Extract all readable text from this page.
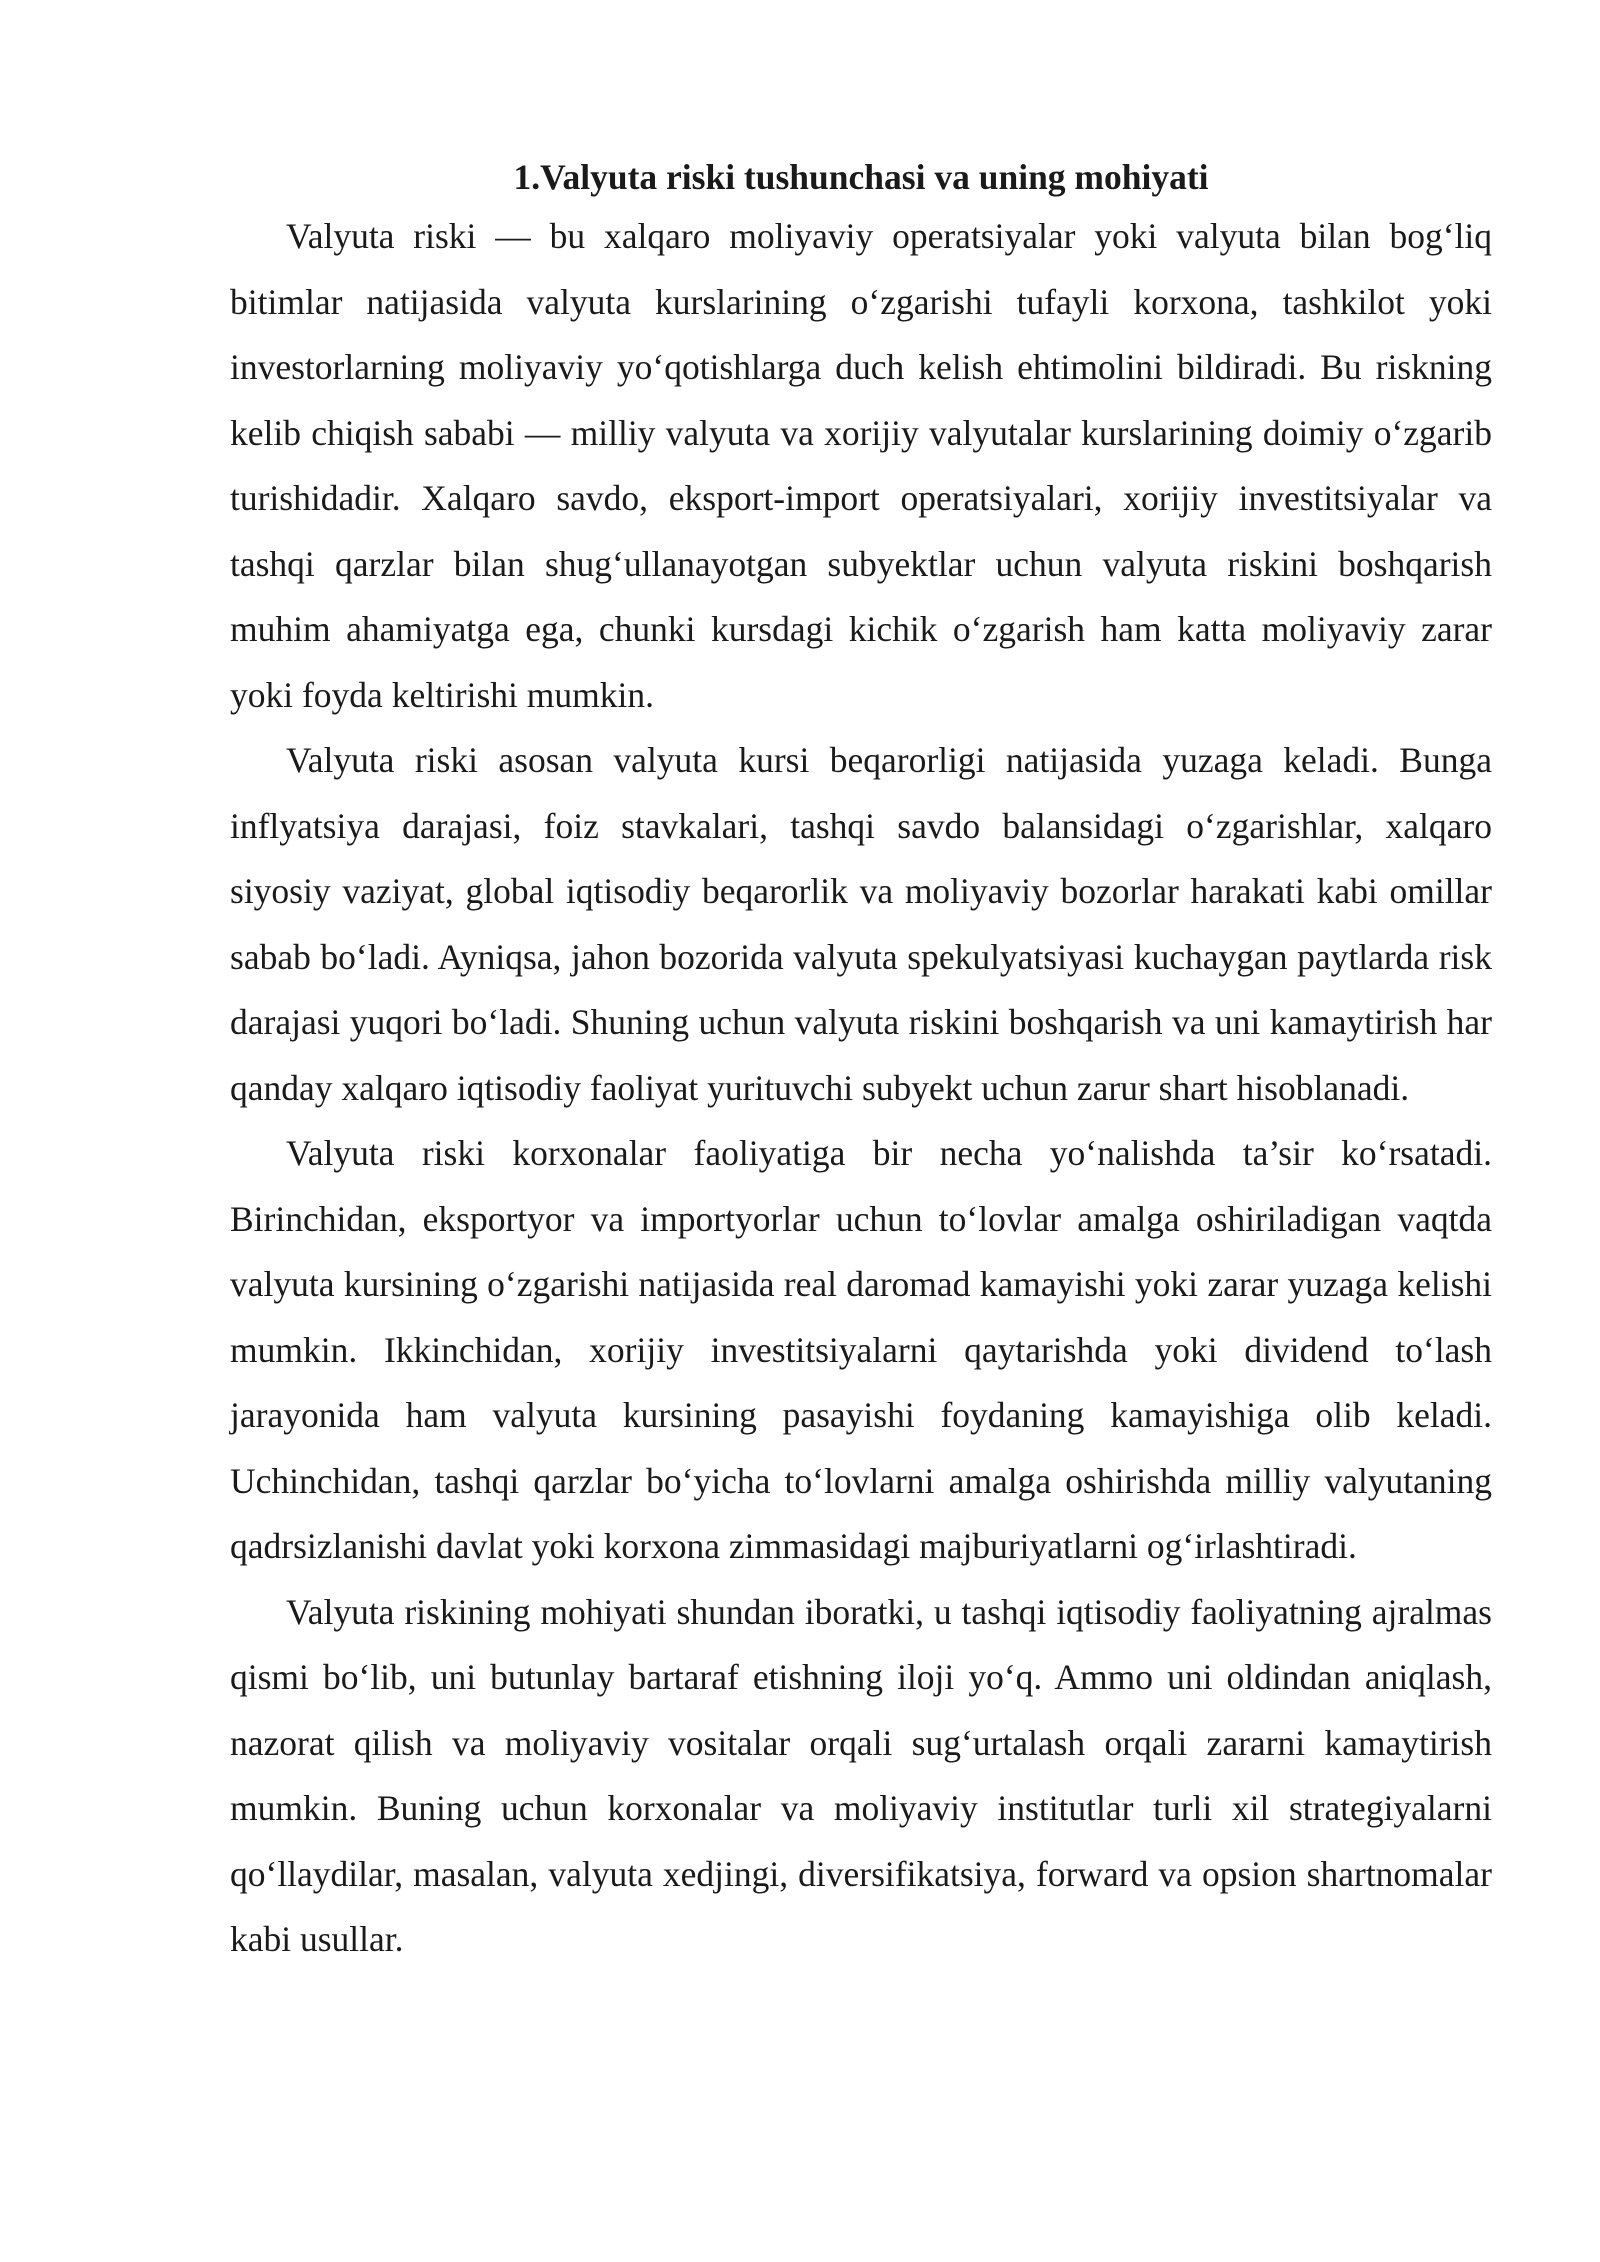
1.Valyuta riski tushunchasi va uning mohiyati

Valyuta riski — bu xalqaro moliyaviy operatsiyalar yoki valyuta bilan bog‘liq bitimlar natijasida valyuta kurslarining o‘zgarishi tufayli korxona, tashkilot yoki investorlarning moliyaviy yo‘qotishlarga duch kelish ehtimolini bildiradi. Bu riskning kelib chiqish sababi — milliy valyuta va xorijiy valyutalar kurslarining doimiy o‘zgarib turishidadir. Xalqaro savdo, eksport-import operatsiyalari, xorijiy investitsiyalar va tashqi qarzlar bilan shug‘ullanayotgan subyektlar uchun valyuta riskini boshqarish muhim ahamiyatga ega, chunki kursdagi kichik o‘zgarish ham katta moliyaviy zarar yoki foyda keltirishi mumkin.

Valyuta riski asosan valyuta kursi beqarorligi natijasida yuzaga keladi. Bunga inflyatsiya darajasi, foiz stavkalari, tashqi savdo balansidagi o‘zgarishlar, xalqaro siyosiy vaziyat, global iqtisodiy beqarorlik va moliyaviy bozorlar harakati kabi omillar sabab bo‘ladi. Ayniqsa, jahon bozorida valyuta spekulyatsiyasi kuchaygan paytlarda risk darajasi yuqori bo‘ladi. Shuning uchun valyuta riskini boshqarish va uni kamaytirish har qanday xalqaro iqtisodiy faoliyat yurituvchi subyekt uchun zarur shart hisoblanadi.

Valyuta riski korxonalar faoliyatiga bir necha yo‘nalishda ta’sir ko‘rsatadi. Birinchidan, eksportyor va importyorlar uchun to‘lovlar amalga oshiriladigan vaqtda valyuta kursining o‘zgarishi natijasida real daromad kamayishi yoki zarar yuzaga kelishi mumkin. Ikkinchidan, xorijiy investitsiyalarni qaytarishda yoki dividend to‘lash jarayonida ham valyuta kursining pasayishi foydaning kamayishiga olib keladi. Uchinchidan, tashqi qarzlar bo‘yicha to‘lovlarni amalga oshirishda milliy valyutaning qadrsizlanishi davlat yoki korxona zimmasidagi majburiyatlarni og‘irlashtiradi.

Valyuta riskining mohiyati shundan iboratki, u tashqi iqtisodiy faoliyatning ajralmas qismi bo‘lib, uni butunlay bartaraf etishning iloji yo‘q. Ammo uni oldindan aniqlash, nazorat qilish va moliyaviy vositalar orqali sug‘urtalash orqali zararni kamaytirish mumkin. Buning uchun korxonalar va moliyaviy institutlar turli xil strategiyalarni qo‘llaydilar, masalan, valyuta xedjingi, diversifikatsiya, forward va opsion shartnomalar kabi usullar.
